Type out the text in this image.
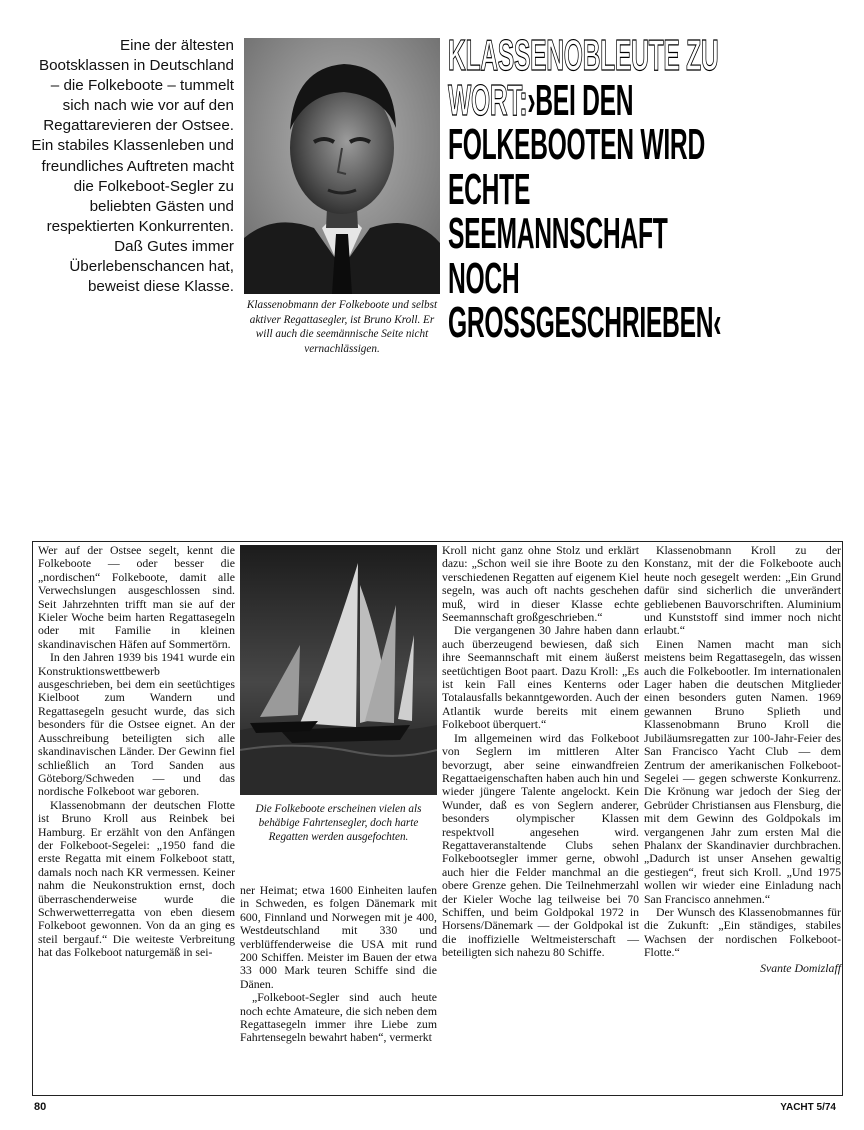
Eine der ältesten Bootsklassen in Deutschland – die Folkeboote – tummelt sich nach wie vor auf den Regattarevieren der Ostsee. Ein stabiles Klassenleben und freundliches Auftreten macht die Folkeboot-Segler zu beliebten Gästen und respektierten Konkurrenten. Daß Gutes immer Überlebenschancen hat, beweist diese Klasse.

Klassenobmann der Folkeboote und selbst aktiver Regattasegler, ist Bruno Kroll. Er will auch die seemännische Seite nicht vernachlässigen.

KLASSENOBLEUTE ZU WORT:›BEI DEN FOLKEBOOTEN WIRD ECHTE SEEMANNSCHAFT NOCH GROSSGESCHRIEBEN‹

Wer auf der Ostsee segelt, kennt die Folkeboote — oder besser die „nordischen“ Folkeboote, damit alle Verwechslungen ausgeschlossen sind. Seit Jahrzehnten trifft man sie auf der Kieler Woche beim harten Regattasegeln oder mit Familie in kleinen skandinavischen Häfen auf Sommertörn.

In den Jahren 1939 bis 1941 wurde ein Konstruktionswettbewerb ausgeschrieben, bei dem ein seetüchtiges Kielboot zum Wandern und Regattasegeln gesucht wurde, das sich besonders für die Ostsee eignet. An der Ausschreibung beteiligten sich alle skandinavischen Länder. Der Gewinn fiel schließlich an Tord Sanden aus Göteborg/Schweden — und das nordische Folkeboot war geboren.

Klassenobmann der deutschen Flotte ist Bruno Kroll aus Reinbek bei Hamburg. Er erzählt von den Anfängen der Folkeboot-Segelei: „1950 fand die erste Regatta mit einem Folkeboot statt, damals noch nach KR vermessen. Keiner nahm die Neukonstruktion ernst, doch überraschenderweise wurde die Schwerwetterregatta von eben diesem Folkeboot gewonnen. Von da an ging es steil bergauf.“ Die weiteste Verbreitung hat das Folkeboot naturgemäß in sei-

Die Folkeboote erscheinen vielen als behäbige Fahrtensegler, doch harte Regatten werden ausgefochten.

ner Heimat; etwa 1600 Einheiten laufen in Schweden, es folgen Dänemark mit 600, Finnland und Norwegen mit je 400, Westdeutschland mit 330 und verblüffenderweise die USA mit rund 200 Schiffen. Meister im Bauen der etwa 33 000 Mark teuren Schiffe sind die Dänen.

„Folkeboot-Segler sind auch heute noch echte Amateure, die sich neben dem Regattasegeln immer ihre Liebe zum Fahrtensegeln bewahrt haben“, vermerkt

Kroll nicht ganz ohne Stolz und erklärt dazu: „Schon weil sie ihre Boote zu den verschiedenen Regatten auf eigenem Kiel segeln, was auch oft nachts geschehen muß, wird in dieser Klasse echte Seemannschaft großgeschrieben.“

Die vergangenen 30 Jahre haben dann auch überzeugend bewiesen, daß sich ihre Seemannschaft mit einem äußerst seetüchtigen Boot paart. Dazu Kroll: „Es ist kein Fall eines Kenterns oder Totalausfalls bekanntgeworden. Auch der Atlantik wurde bereits mit einem Folkeboot überquert.“

Im allgemeinen wird das Folkeboot von Seglern im mittleren Alter bevorzugt, aber seine einwandfreien Regattaeigenschaften haben auch hin und wieder jüngere Talente angelockt. Kein Wunder, daß es von Seglern anderer, besonders olympischer Klassen respektvoll angesehen wird. Regattaveranstaltende Clubs sehen Folkebootsegler immer gerne, obwohl auch hier die Felder manchmal an die obere Grenze gehen. Die Teilnehmerzahl der Kieler Woche lag teilweise bei 70 Schiffen, und beim Goldpokal 1972 in Horsens/Dänemark — der Goldpokal ist die inoffizielle Weltmeisterschaft — beteiligten sich nahezu 80 Schiffe.

Klassenobmann Kroll zu der Konstanz, mit der die Folkeboote auch heute noch gesegelt werden: „Ein Grund dafür sind sicherlich die unverändert gebliebenen Bauvorschriften. Aluminium und Kunststoff sind immer noch nicht erlaubt.“

Einen Namen macht man sich meistens beim Regattasegeln, das wissen auch die Folkebootler. Im internationalen Lager haben die deutschen Mitglieder einen besonders guten Namen. 1969 gewannen Bruno Splieth und Klassenobmann Bruno Kroll die Jubiläumsregatten zur 100-Jahr-Feier des San Francisco Yacht Club — dem Zentrum der amerikanischen Folkeboot-Segelei — gegen schwerste Konkurrenz. Die Krönung war jedoch der Sieg der Gebrüder Christiansen aus Flensburg, die mit dem Gewinn des Goldpokals im vergangenen Jahr zum ersten Mal die Phalanx der Skandinavier durchbrachen. „Dadurch ist unser Ansehen gewaltig gestiegen“, freut sich Kroll. „Und 1975 wollen wir wieder eine Einladung nach San Francisco annehmen.“

Der Wunsch des Klassenobmannes für die Zukunft: „Ein ständiges, stabiles Wachsen der nordischen Folkeboot-Flotte.“

Svante Domizlaff
80	YACHT 5/74
